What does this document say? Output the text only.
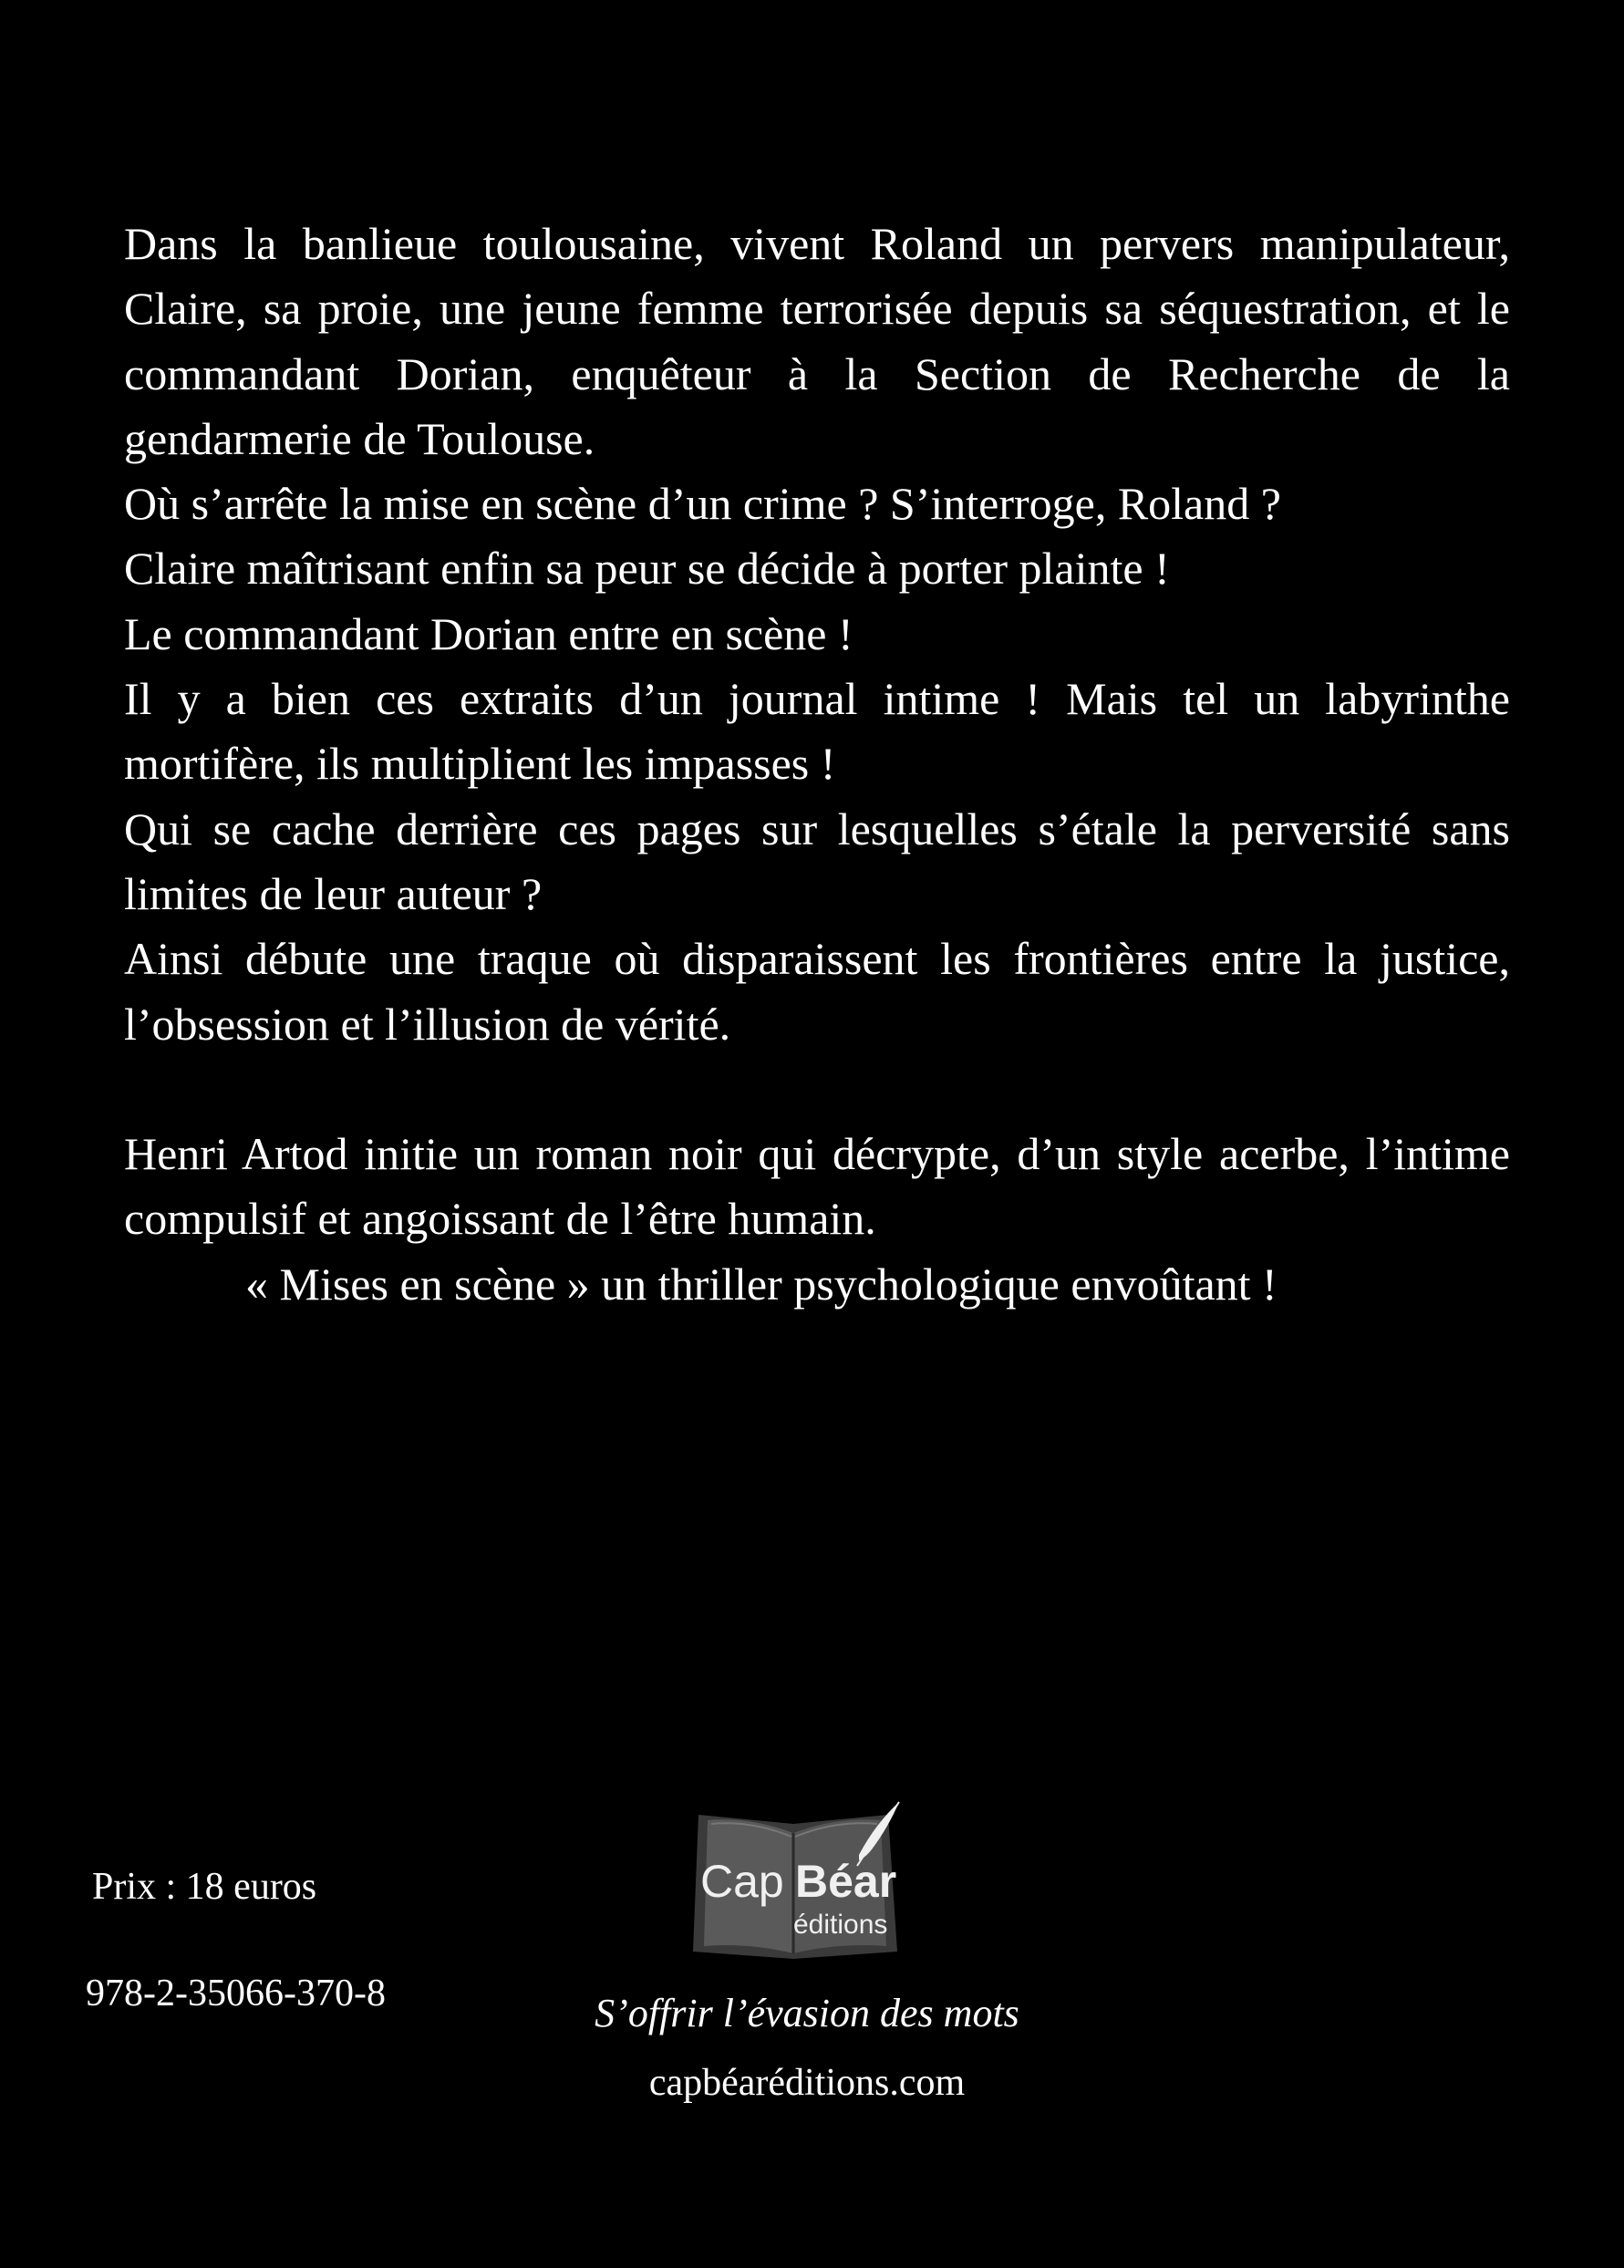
Dans la banlieue toulousaine, vivent Roland un pervers manipulateur, Claire, sa proie, une jeune femme terrorisée depuis sa séquestration, et le commandant Dorian, enquêteur à la Section de Recherche de la gendarmerie de Toulouse.

Où s’arrête la mise en scène d’un crime ? S’interroge, Roland ?

Claire maîtrisant enfin sa peur se décide à porter plainte !

Le commandant Dorian entre en scène !

Il y a bien ces extraits d’un journal intime ! Mais tel un labyrinthe mortifère, ils multiplient les impasses !

Qui se cache derrière ces pages sur lesquelles s’étale la perversité sans limites de leur auteur ?

Ainsi débute une traque où disparaissent les frontières entre la justice, l’obsession et l’illusion de vérité.

Henri Artod initie un roman noir qui décrypte, d’un style acerbe, l’intime compulsif et angoissant de l’être humain.

« Mises en scène » un thriller psychologique envoûtant !

Prix : 18 euros
978-2-35066-370-8
Cap Béar
éditions
S’offrir l’évasion des mots
capbéaréditions.com
